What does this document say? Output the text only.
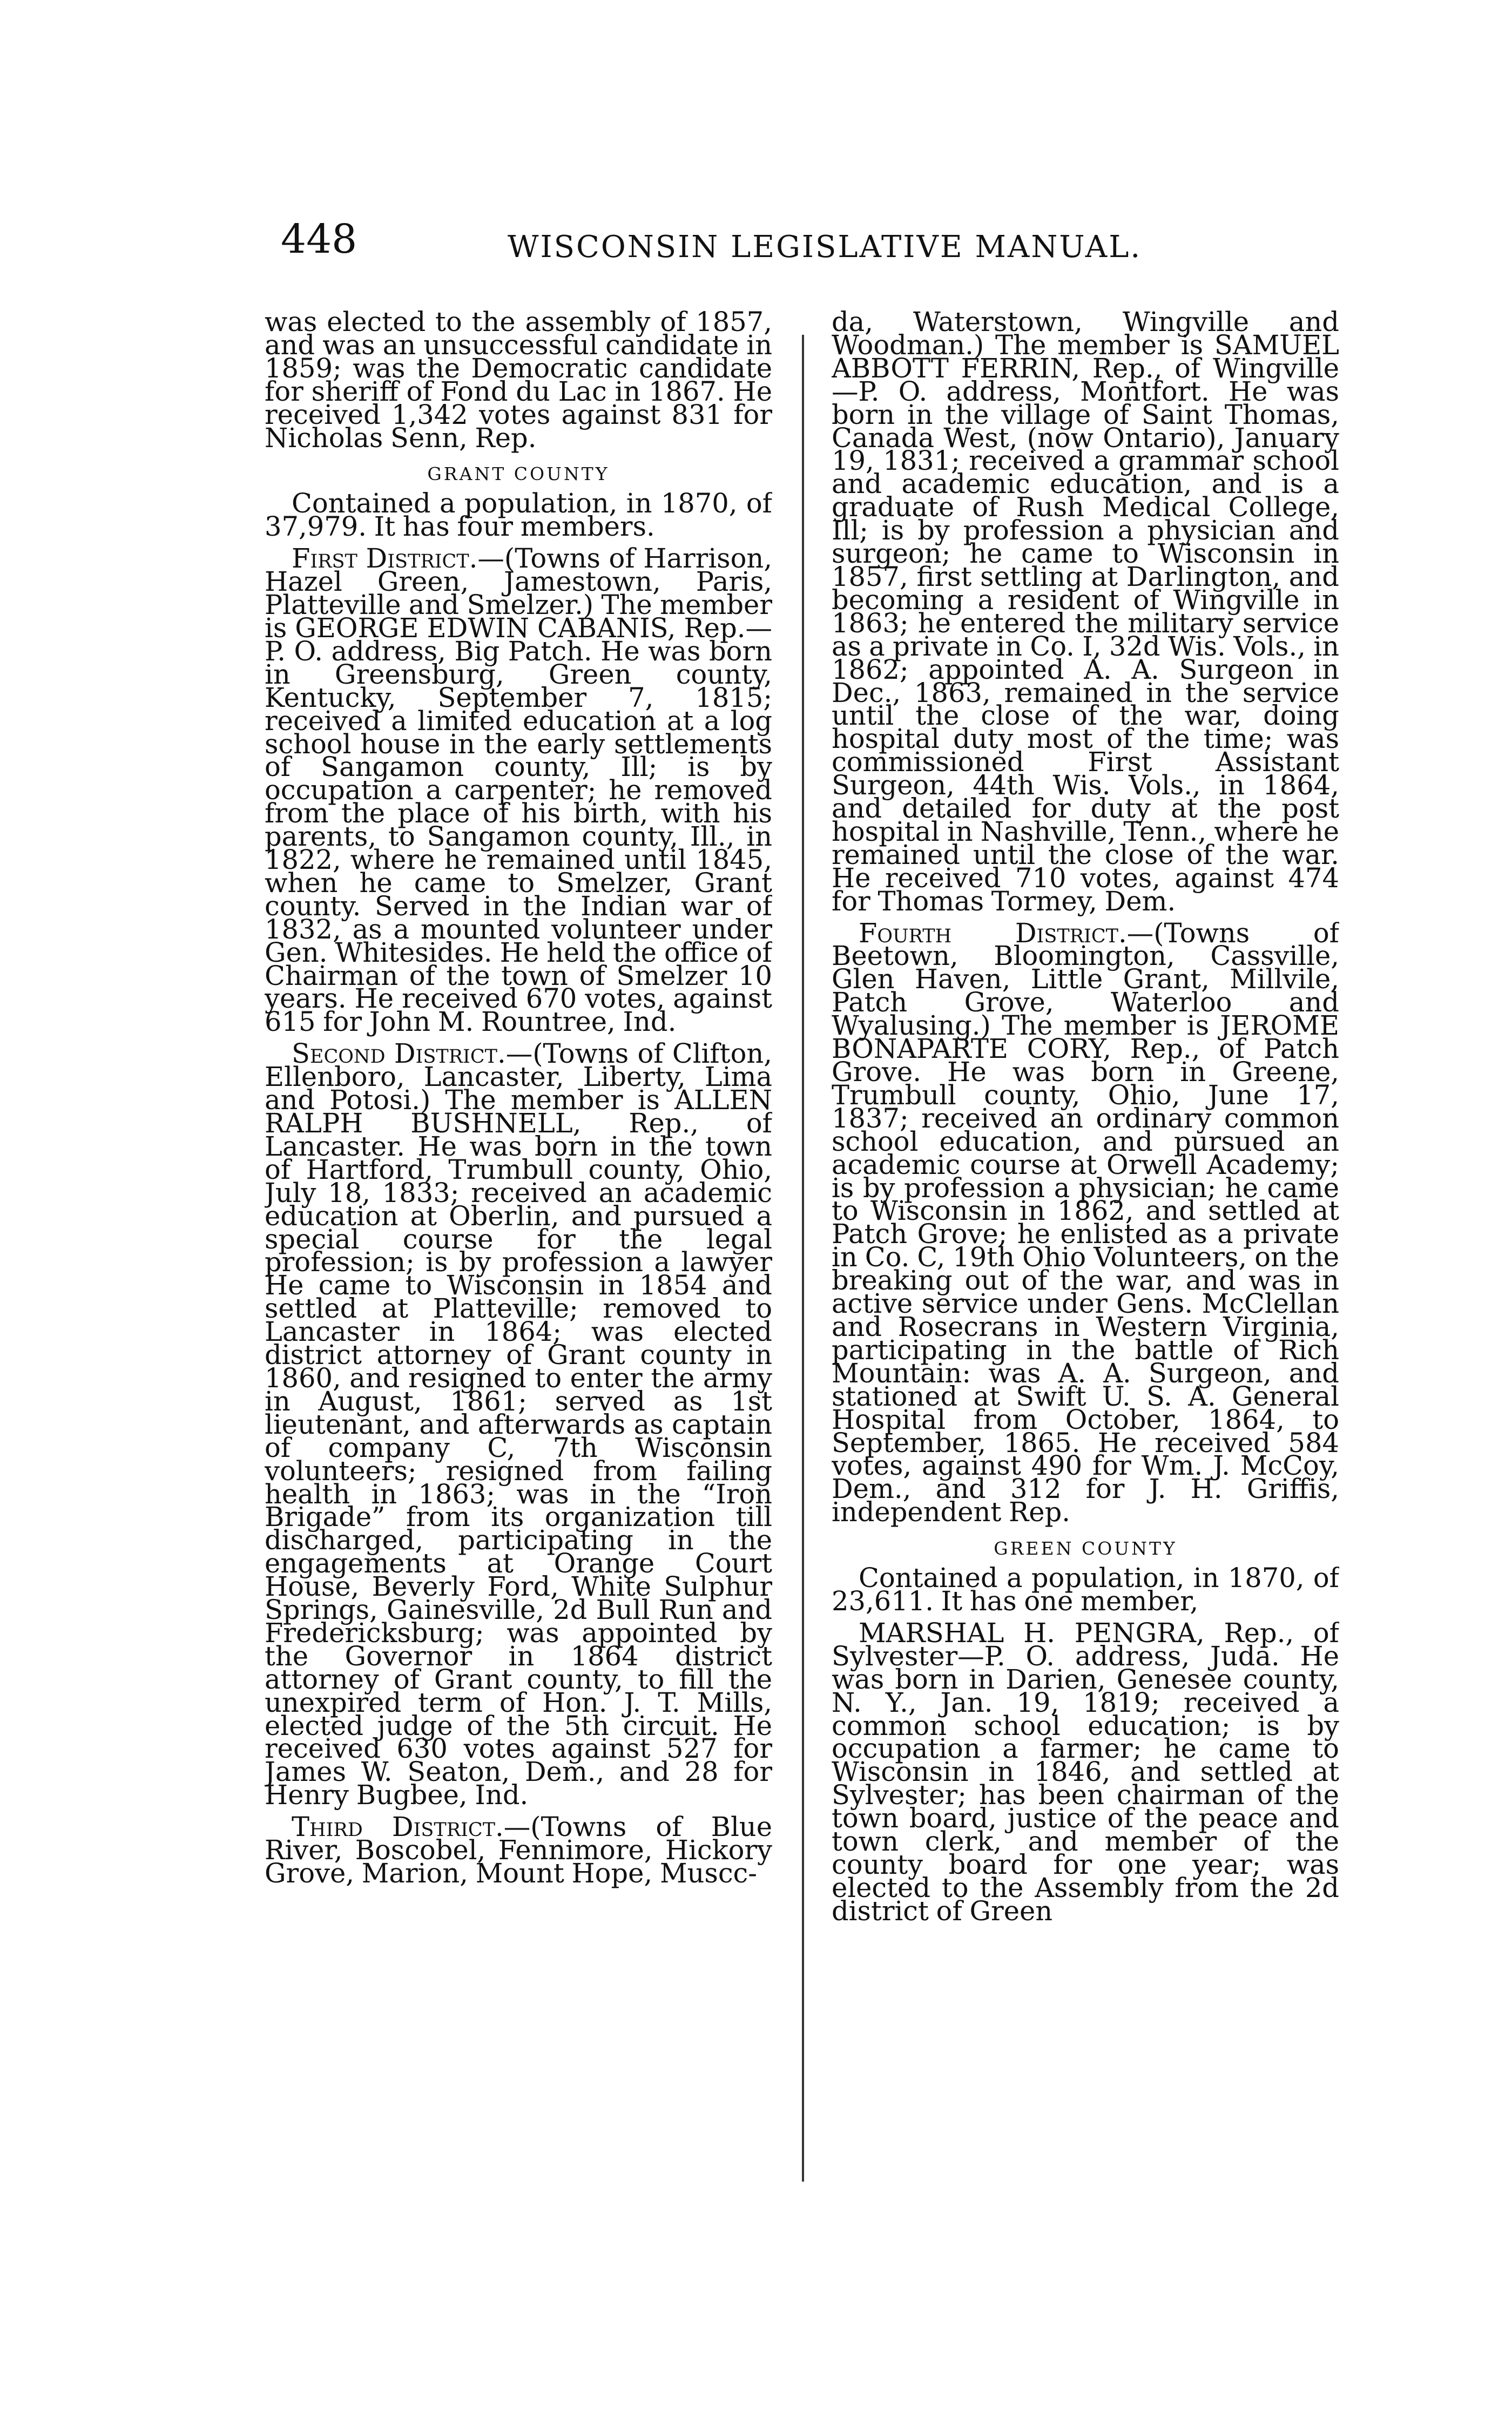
448	WISCONSIN LEGISLATIVE MANUAL.

was elected to the assembly of 1857, and was an unsuccessful candidate in 1859; was the Democratic candidate for sheriff of Fond du Lac in 1867. He received 1,342 votes against 831 for Nicholas Senn, Rep.

GRANT COUNTY

Contained a population, in 1870, of 37,979. It has four members.

First District.—(Towns of Harrison, Hazel Green, Jamestown, Paris, Platteville and Smelzer.) The member is GEORGE EDWIN CABANIS, Rep.—P. O. address, Big Patch. He was born in Greensburg, Green county, Kentucky, September 7, 1815; received a limited education at a log school house in the early settlements of Sangamon county, Ill; is by occupation a carpenter; he removed from the place of his birth, with his parents, to Sangamon county, Ill., in 1822, where he remained until 1845, when he came to Smelzer, Grant county. Served in the Indian war of 1832, as a mounted volunteer under Gen. Whitesides. He held the office of Chairman of the town of Smelzer 10 years. He received 670 votes, against 615 for John M. Rountree, Ind.

Second District.—(Towns of Clifton, Ellenboro, Lancaster, Liberty, Lima and Potosi.) The member is ALLEN RALPH BUSHNELL, Rep., of Lancaster. He was born in the town of Hartford, Trumbull county, Ohio, July 18, 1833; received an academic education at Oberlin, and pursued a special course for the legal profession; is by profession a lawyer He came to Wisconsin in 1854 and settled at Platteville; removed to Lancaster in 1864; was elected district attorney of Grant county in 1860, and resigned to enter the army in August, 1861; served as 1st lieutenant, and afterwards as captain of company C, 7th Wisconsin volunteers; resigned from failing health in 1863; was in the “Iron Brigade” from its organization till discharged, participating in the engagements at Orange Court House, Beverly Ford, White Sulphur Springs, Gainesville, 2d Bull Run and Fredericksburg; was appointed by the Governor in 1864 district attorney of Grant county, to fill the unexpired term of Hon. J. T. Mills, elected judge of the 5th circuit. He received 630 votes against 527 for James W. Seaton, Dem., and 28 for Henry Bugbee, Ind.

Third District.—(Towns of Blue River, Boscobel, Fennimore, Hickory Grove, Marion, Mount Hope, Muscc-

da, Waterstown, Wingville and Woodman.) The member is SAMUEL ABBOTT FERRIN, Rep., of Wingville—P. O. address, Montfort. He was born in the village of Saint Thomas, Canada West, (now Ontario), January 19, 1831; received a grammar school and academic education, and is a graduate of Rush Medical College, Ill; is by profession a physician and surgeon; he came to Wisconsin in 1857, first settling at Darlington, and becoming a resident of Wingville in 1863; he entered the military service as a private in Co. I, 32d Wis. Vols., in 1862; appointed A. A. Surgeon in Dec., 1863, remained in the service until the close of the war, doing hospital duty most of the time; was commissioned First Assistant Surgeon, 44th Wis. Vols., in 1864, and detailed for duty at the post hospital in Nashville, Tenn., where he remained until the close of the war. He received 710 votes, against 474 for Thomas Tormey, Dem.

Fourth District.—(Towns of Beetown, Bloomington, Cassville, Glen Haven, Little Grant, Millvile, Patch Grove, Waterloo and Wyalusing.) The member is JEROME BONAPARTE CORY, Rep., of Patch Grove. He was born in Greene, Trumbull county, Ohio, June 17, 1837; received an ordinary common school education, and pursued an academic course at Orwell Academy; is by profession a physician; he came to Wisconsin in 1862, and settled at Patch Grove; he enlisted as a private in Co. C, 19th Ohio Volunteers, on the breaking out of the war, and was in active service under Gens. McClellan and Rosecrans in Western Virginia, participating in the battle of Rich Mountain: was A. A. Surgeon, and stationed at Swift U. S. A. General Hospital from October, 1864, to September, 1865. He received 584 votes, against 490 for Wm. J. McCoy, Dem., and 312 for J. H. Griffis, independent Rep.

GREEN COUNTY

Contained a population, in 1870, of 23,611. It has one member,

MARSHAL H. PENGRA, Rep., of Sylvester—P. O. address, Juda. He was born in Darien, Genesee county, N. Y., Jan. 19, 1819; received a common school education; is by occupation a farmer; he came to Wisconsin in 1846, and settled at Sylvester; has been chairman of the town board, justice of the peace and town clerk, and member of the county board for one year; was elected to the Assembly from the 2d district of Green
